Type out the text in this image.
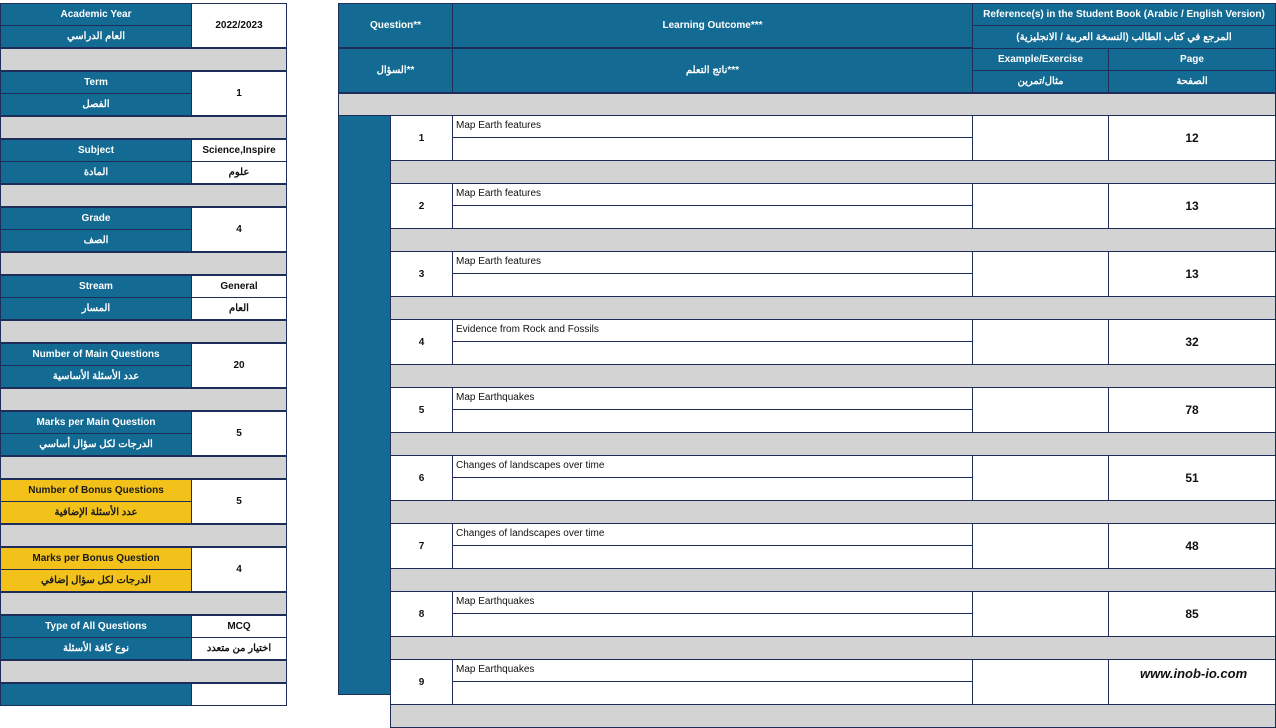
Academic Year
العام الدراسي
2022/2023
Term
الفصل
1
Subject
المادة
Science,Inspire
علوم
Grade
الصف
4
Stream
المسار
General
العام
Number of Main Questions
عدد الأسئلة الأساسية
20
Marks per Main Question
الدرجات لكل سؤال أساسي
5
Number of Bonus Questions
عدد الأسئلة الإضافية
5
Marks per Bonus Question
الدرجات لكل سؤال إضافي
4
Type of All Questions
نوع كافة الأسئلة
MCQ
اختيار من متعدد
Question**
السؤال**
Learning Outcome***
ناتج التعلم***
Reference(s) in the Student Book (Arabic / English Version)
المرجع في كتاب الطالب (النسخة العربية / الانجليزية)
Example/Exercise
مثال/تمرين
Page
الصفحة
1
Map Earth features
12
2
Map Earth features
13
3
Map Earth features
13
4
Evidence from Rock and Fossils
32
5
Map Earthquakes
78
6
Changes of landscapes over time
51
7
Changes of landscapes over time
48
8
Map Earthquakes
85
9
Map Earthquakes	www.inob-io.com
